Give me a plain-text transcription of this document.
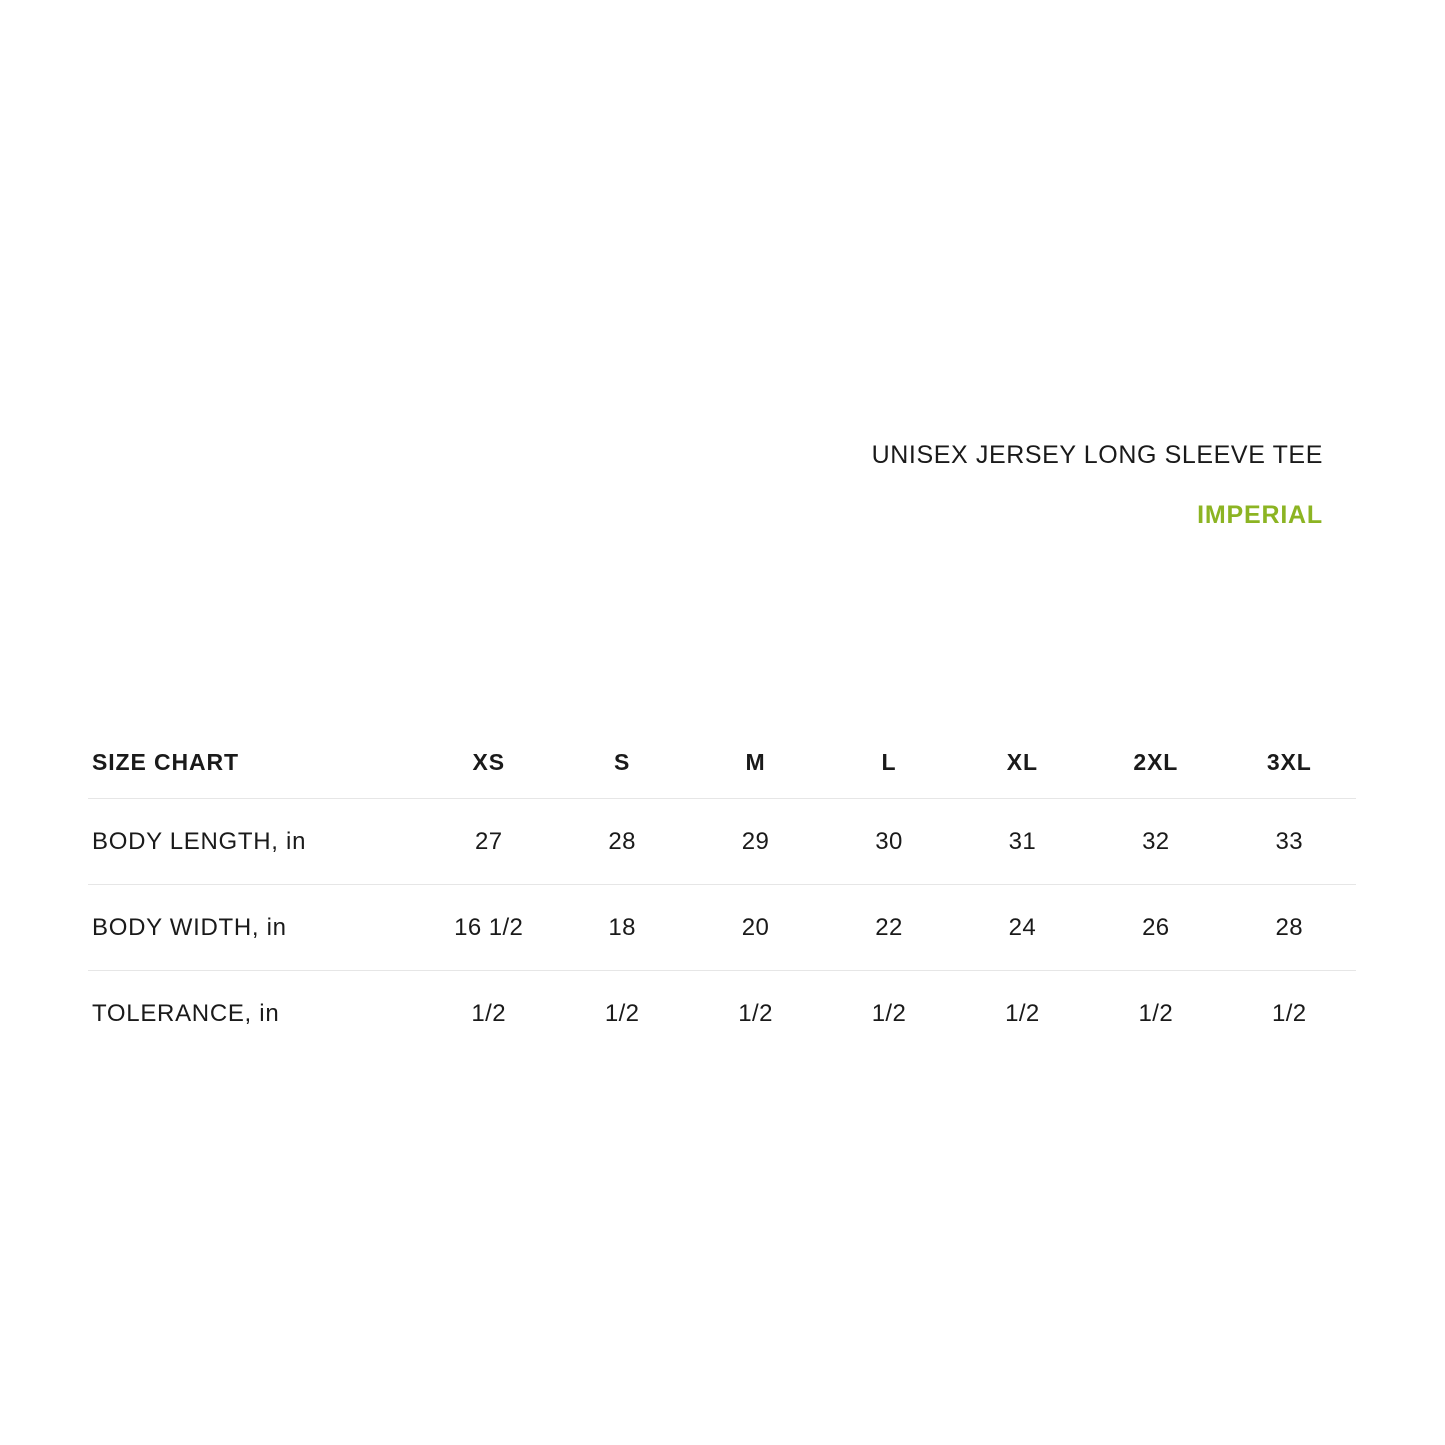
UNISEX JERSEY LONG SLEEVE TEE
IMPERIAL
SIZE CHART	XS	S	M	L	XL	2XL	3XL
BODY LENGTH, in	27	28	29	30	31	32	33
BODY WIDTH, in	16 1/2	18	20	22	24	26	28
TOLERANCE, in	1/2	1/2	1/2	1/2	1/2	1/2	1/2
